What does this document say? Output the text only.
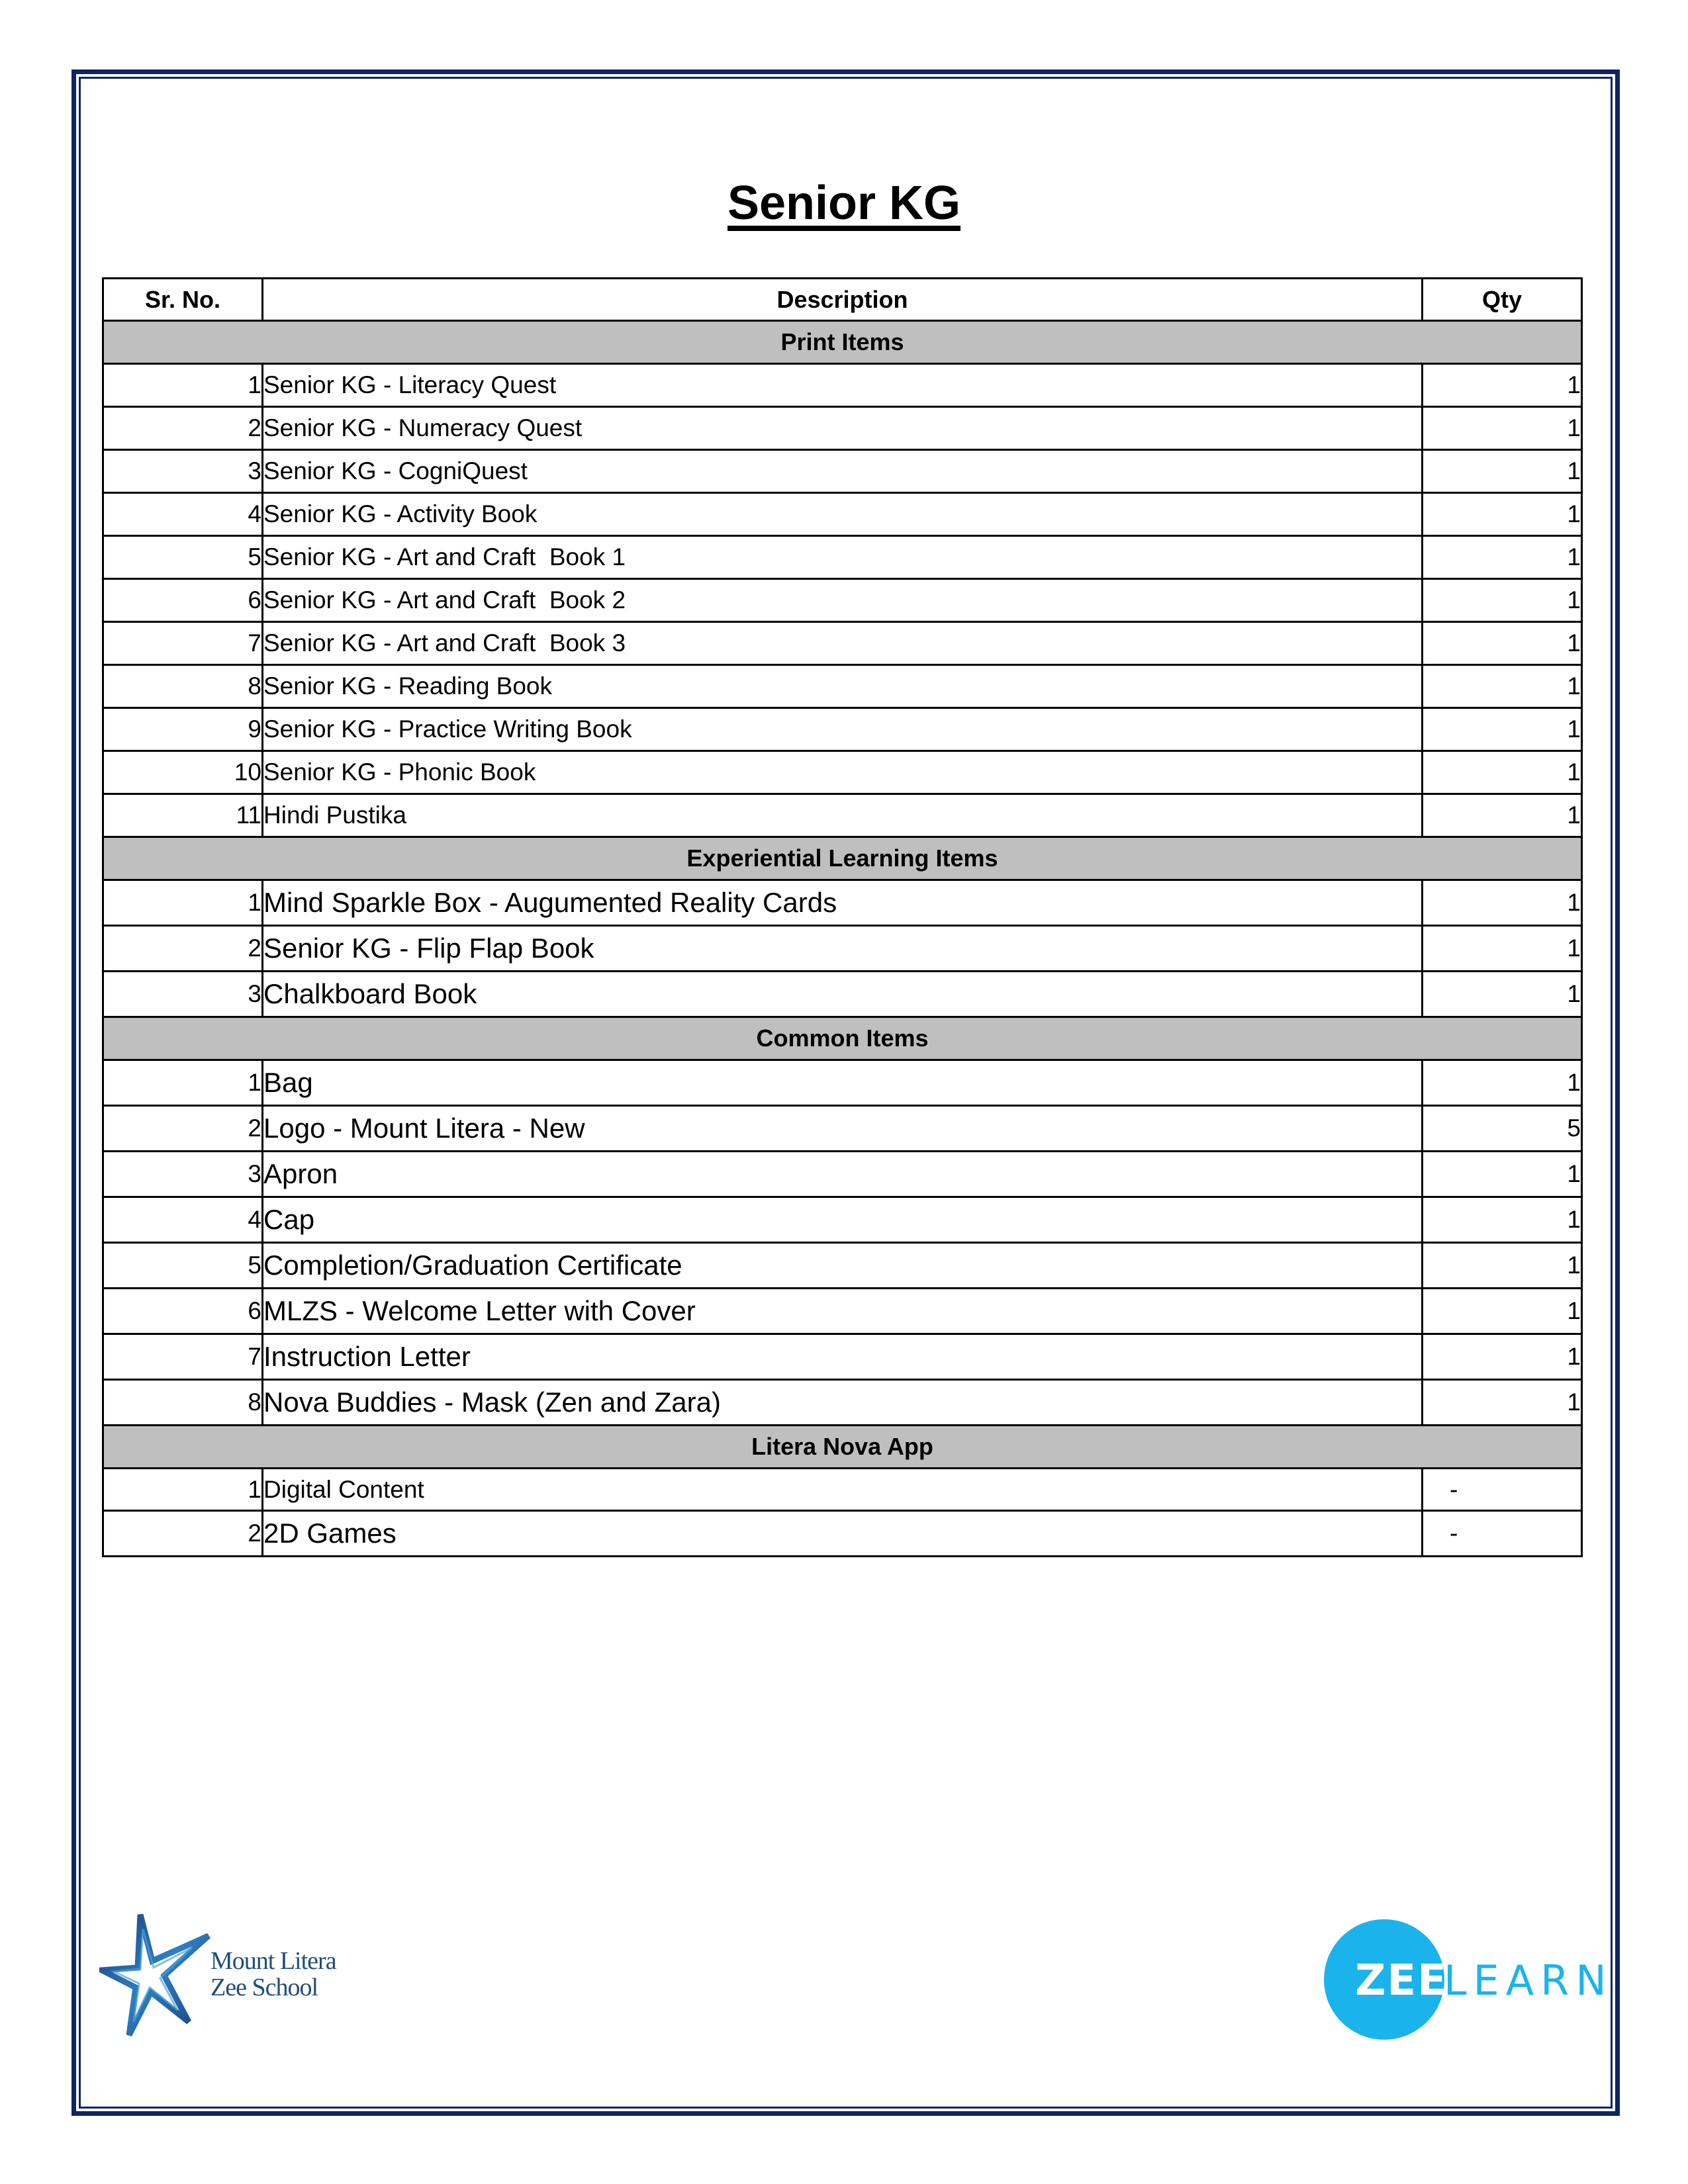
Senior KG
Sr. No.	Description	Qty
Print Items		
1	Senior KG - Literacy Quest	1
2	Senior KG - Numeracy Quest	1
3	Senior KG - CogniQuest	1
4	Senior KG - Activity Book	1
5	Senior KG - Art and Craft  Book 1	1
6	Senior KG - Art and Craft  Book 2	1
7	Senior KG - Art and Craft  Book 3	1
8	Senior KG - Reading Book	1
9	Senior KG - Practice Writing Book	1
10	Senior KG - Phonic Book	1
11	Hindi Pustika	1
Experiential Learning Items		
1	Mind Sparkle Box - Augumented Reality Cards	1
2	Senior KG - Flip Flap Book	1
3	Chalkboard Book	1
Common Items		
1	Bag	1
2	Logo - Mount Litera - New	5
3	Apron	1
4	Cap	1
5	Completion/Graduation Certificate	1
6	MLZS - Welcome Letter with Cover	1
7	Instruction Letter	1
8	Nova Buddies - Mask (Zen and Zara)	1
Litera Nova App		
1	Digital Content	-
2	2D Games	-
Mount Litera
Zee School	ZEE
LEARN
